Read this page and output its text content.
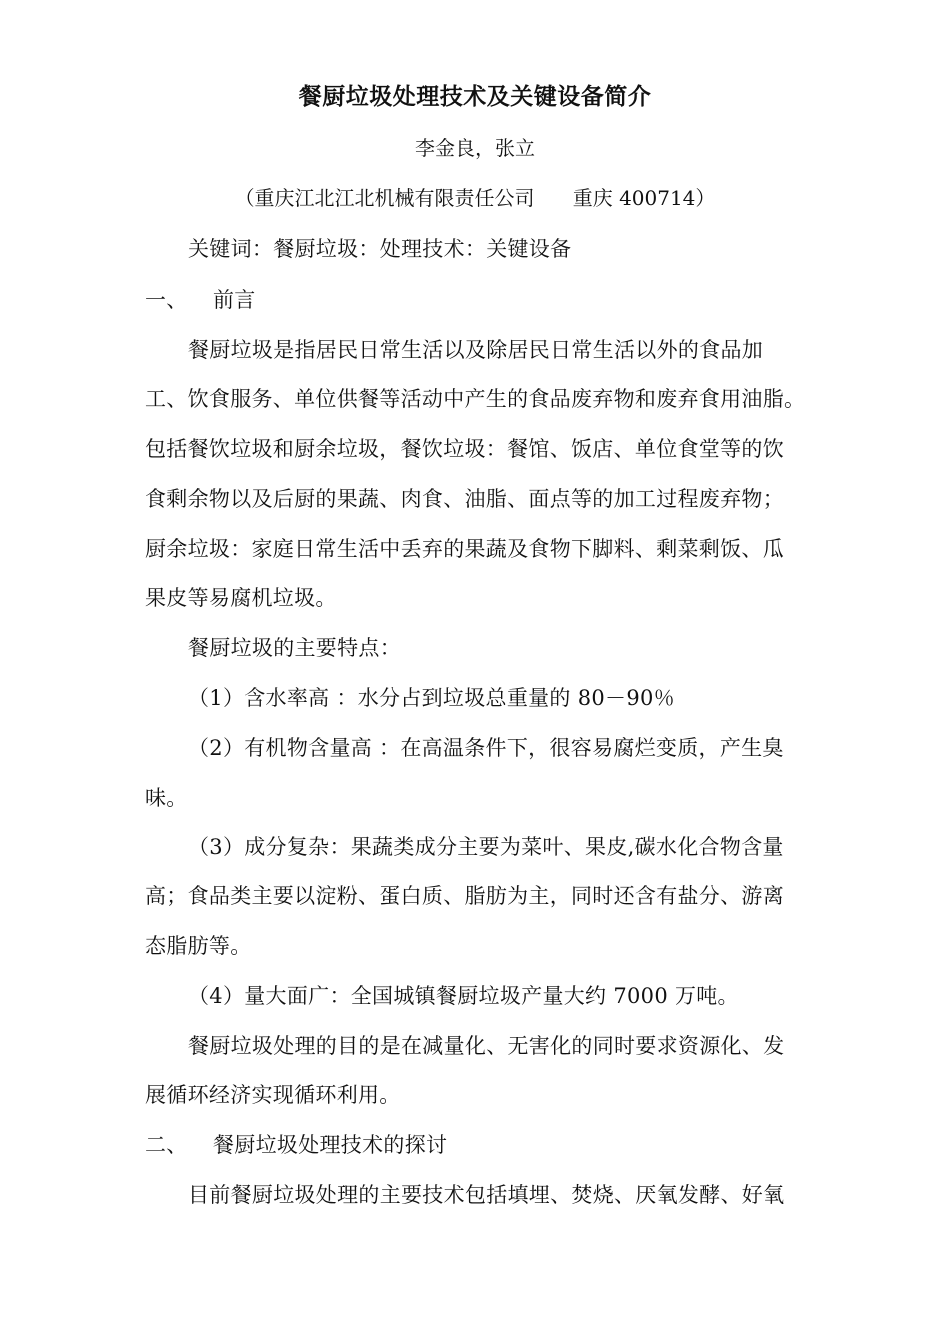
餐厨垃圾处理技术及关键设备简介
李金良，张立
（重庆江北江北机械有限责任公司      重庆 400714）
关键词：餐厨垃圾：处理技术：关键设备
一、 前言
餐厨垃圾是指居民日常生活以及除居民日常生活以外的食品加
工、饮食服务、单位供餐等活动中产生的食品废弃物和废弃食用油脂。
包括餐饮垃圾和厨余垃圾，餐饮垃圾：餐馆、饭店、单位食堂等的饮
食剩余物以及后厨的果蔬、肉食、油脂、面点等的加工过程废弃物；
厨余垃圾：家庭日常生活中丢弃的果蔬及食物下脚料、剩菜剩饭、瓜
果皮等易腐机垃圾。
餐厨垃圾的主要特点：
（1）含水率高 ：水分占到垃圾总重量的 80－90％
（2）有机物含量高 ：在高温条件下，很容易腐烂变质，产生臭
味。
（3）成分复杂：果蔬类成分主要为菜叶、果皮,碳水化合物含量
高；食品类主要以淀粉、蛋白质、脂肪为主，同时还含有盐分、游离
态脂肪等。
（4）量大面广：全国城镇餐厨垃圾产量大约 7000 万吨。
餐厨垃圾处理的目的是在减量化、无害化的同时要求资源化、发
展循环经济实现循环利用。
二、 餐厨垃圾处理技术的探讨
目前餐厨垃圾处理的主要技术包括填埋、焚烧、厌氧发酵、好氧
